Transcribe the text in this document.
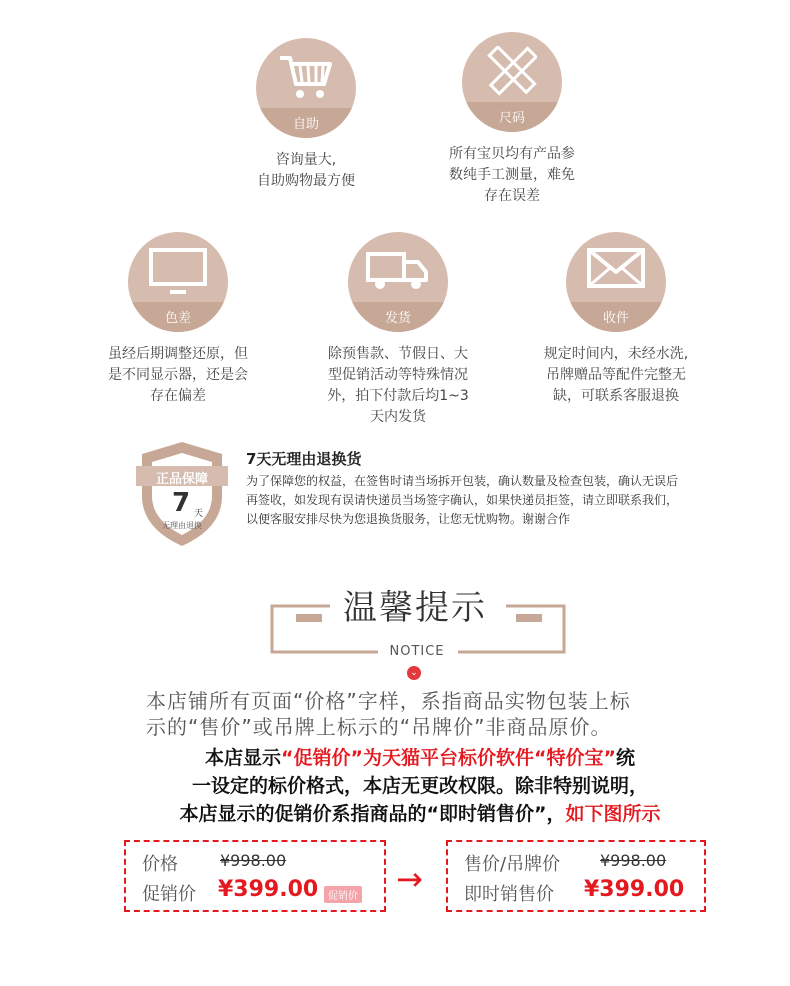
自助
咨询量大,
自助购物最方便
尺码
所有宝贝均有产品参
数纯手工测量，难免
存在误差
色差
虽经后期调整还原，但
是不同显示器，还是会
存在偏差
发货
除预售款、节假日、大
型促销活动等特殊情况
外，拍下付款后均1~3
天内发货
收件
规定时间内，未经水洗,
吊牌赠品等配件完整无
缺，可联系客服退换
正品保障
7 天
无理由退换
7天无理由退换货
为了保障您的权益，在签售时请当场拆开包装，确认数量及检查包装，确认无误后
再签收，如发现有误请快递员当场签字确认，如果快递员拒签，请立即联系我们，
以便客服安排尽快为您退换货服务，让您无忧购物。谢谢合作
温馨提示
NOTICE
⌄
本店铺所有页面“价格”字样，系指商品实物包装上标
示的“售价”或吊牌上标示的“吊牌价”非商品原价。
本店显示“促销价”为天猫平台标价软件“特价宝”统
一设定的标价格式，本店无更改权限。除非特别说明，
本店显示的促销价系指商品的“即时销售价”，如下图所示
价格	¥998.00
促销价 ¥399.00 促销价 → 售价/吊牌价 ¥998.00
即时销售价 ¥399.00
